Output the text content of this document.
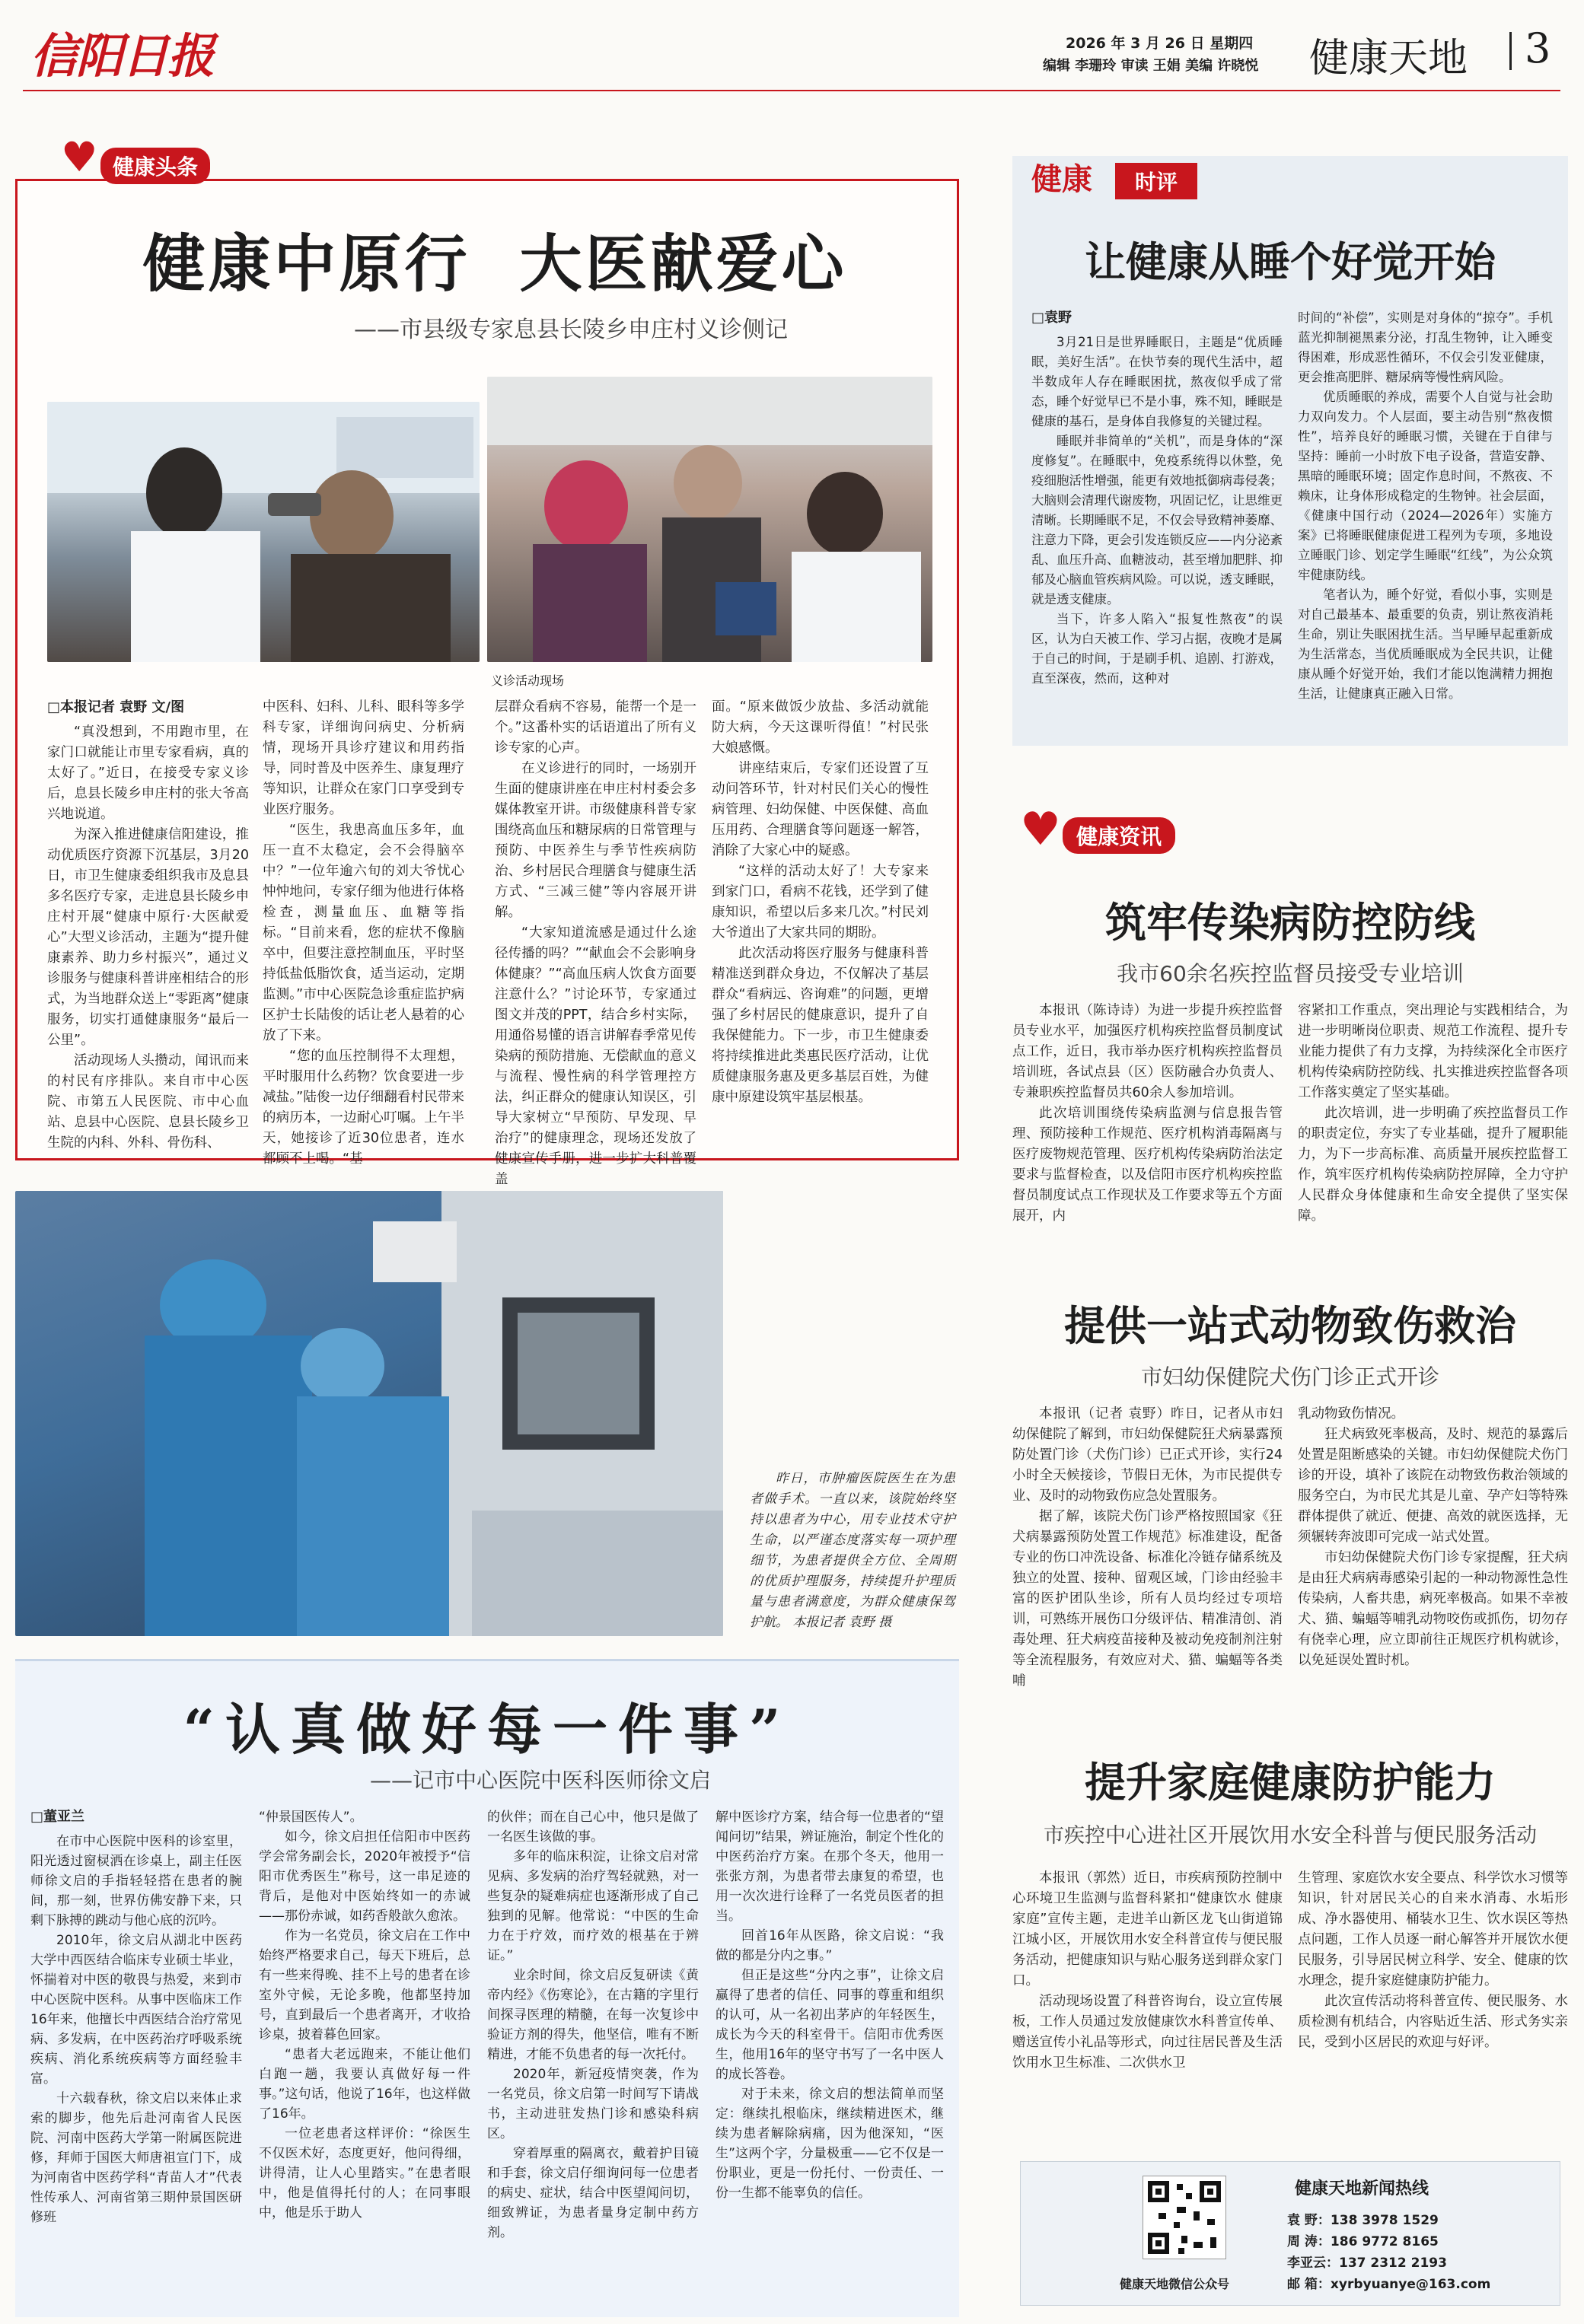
信阳日报	2026 年 3 月 26 日 星期四
编辑 李珊玲 审读 王娟 美编 许晓悦 健康天地 3
♥ 健康头条
健康中原行  大医献爱心
——市县级专家息县长陵乡申庄村义诊侧记
义诊活动现场
□本报记者 袁野 文/图

“真没想到，不用跑市里，在家门口就能让市里专家看病，真的太好了。”近日，在接受专家义诊后，息县长陵乡申庄村的张大爷高兴地说道。

为深入推进健康信阳建设，推动优质医疗资源下沉基层，3月20日，市卫生健康委组织我市及息县多名医疗专家，走进息县长陵乡申庄村开展“健康中原行·大医献爱心”大型义诊活动，主题为“提升健康素养、助力乡村振兴”，通过义诊服务与健康科普讲座相结合的形式，为当地群众送上“零距离”健康服务，切实打通健康服务“最后一公里”。

活动现场人头攒动，闻讯而来的村民有序排队。来自市中心医院、市第五人民医院、市中心血站、息县中心医院、息县长陵乡卫生院的内科、外科、骨伤科、

中医科、妇科、儿科、眼科等多学科专家，详细询问病史、分析病情，现场开具诊疗建议和用药指导，同时普及中医养生、康复理疗等知识，让群众在家门口享受到专业医疗服务。

“医生，我患高血压多年，血压一直不太稳定，会不会得脑卒中？”一位年逾六旬的刘大爷忧心忡忡地问，专家仔细为他进行体格检查，测量血压、血糖等指标。“目前来看，您的症状不像脑卒中，但要注意控制血压，平时坚持低盐低脂饮食，适当运动，定期监测。”市中心医院急诊重症监护病区护士长陆俊的话让老人悬着的心放了下来。

“您的血压控制得不太理想，平时服用什么药物？饮食要进一步减盐。”陆俊一边仔细翻看村民带来的病历本，一边耐心叮嘱。上午半天，她接诊了近30位患者，连水都顾不上喝。“基

层群众看病不容易，能帮一个是一个。”这番朴实的话语道出了所有义诊专家的心声。

在义诊进行的同时，一场别开生面的健康讲座在申庄村村委会多媒体教室开讲。市级健康科普专家围绕高血压和糖尿病的日常管理与预防、中医养生与季节性疾病防治、乡村居民合理膳食与健康生活方式、“三减三健”等内容展开讲解。

“大家知道流感是通过什么途径传播的吗？”“献血会不会影响身体健康？”“高血压病人饮食方面要注意什么？”讨论环节，专家通过图文并茂的PPT，结合乡村实际，用通俗易懂的语言讲解春季常见传染病的预防措施、无偿献血的意义与流程、慢性病的科学管理控方法，纠正群众的健康认知误区，引导大家树立“早预防、早发现、早治疗”的健康理念，现场还发放了健康宣传手册，进一步扩大科普覆盖

面。“原来做饭少放盐、多活动就能防大病，今天这课听得值！”村民张大娘感慨。

讲座结束后，专家们还设置了互动问答环节，针对村民们关心的慢性病管理、妇幼保健、中医保健、高血压用药、合理膳食等问题逐一解答，消除了大家心中的疑惑。

“这样的活动太好了！大专家来到家门口，看病不花钱，还学到了健康知识，希望以后多来几次。”村民刘大爷道出了大家共同的期盼。

此次活动将医疗服务与健康科普精准送到群众身边，不仅解决了基层群众“看病远、咨询难”的问题，更增强了乡村居民的健康意识，提升了自我保健能力。下一步，市卫生健康委将持续推进此类惠民医疗活动，让优质健康服务惠及更多基层百姓，为健康中原建设筑牢基层根基。

健康	时评
让健康从睡个好觉开始
□袁野

3月21日是世界睡眠日，主题是“优质睡眠，美好生活”。在快节奏的现代生活中，超半数成年人存在睡眠困扰，熬夜似乎成了常态，睡个好觉早已不是小事，殊不知，睡眠是健康的基石，是身体自我修复的关键过程。

睡眠并非简单的“关机”，而是身体的“深度修复”。在睡眠中，免疫系统得以休整，免疫细胞活性增强，能更有效地抵御病毒侵袭；大脑则会清理代谢废物，巩固记忆，让思维更清晰。长期睡眠不足，不仅会导致精神萎靡、注意力下降，更会引发连锁反应——内分泌紊乱、血压升高、血糖波动，甚至增加肥胖、抑郁及心脑血管疾病风险。可以说，透支睡眠，就是透支健康。

当下，许多人陷入“报复性熬夜”的误区，认为白天被工作、学习占据，夜晚才是属于自己的时间，于是刷手机、追剧、打游戏，直至深夜，然而，这种对

时间的“补偿”，实则是对身体的“掠夺”。手机蓝光抑制褪黑素分泌，打乱生物钟，让入睡变得困难，形成恶性循环，不仅会引发亚健康，更会推高肥胖、糖尿病等慢性病风险。

优质睡眠的养成，需要个人自觉与社会助力双向发力。个人层面，要主动告别“熬夜惯性”，培养良好的睡眠习惯，关键在于自律与坚持：睡前一小时放下电子设备，营造安静、黑暗的睡眠环境；固定作息时间，不熬夜、不赖床，让身体形成稳定的生物钟。社会层面，《健康中国行动（2024—2026年）实施方案》已将睡眠健康促进工程列为专项，多地设立睡眠门诊、划定学生睡眠“红线”，为公众筑牢健康防线。

笔者认为，睡个好觉，看似小事，实则是对自己最基本、最重要的负责，别让熬夜消耗生命，别让失眠困扰生活。当早睡早起重新成为生活常态，当优质睡眠成为全民共识，让健康从睡个好觉开始，我们才能以饱满精力拥抱生活，让健康真正融入日常。

♥ 健康资讯
筑牢传染病防控防线
我市60余名疾控监督员接受专业培训

本报讯（陈诗诗）为进一步提升疾控监督员专业水平，加强医疗机构疾控监督员制度试点工作，近日，我市举办医疗机构疾控监督员培训班，各试点县（区）医防融合办负责人、专兼职疾控监督员共60余人参加培训。

此次培训围绕传染病监测与信息报告管理、预防接种工作规范、医疗机构消毒隔离与医疗废物规范管理、医疗机构传染病防治法定要求与监督检查，以及信阳市医疗机构疾控监督员制度试点工作现状及工作要求等五个方面展开，内

容紧扣工作重点，突出理论与实践相结合，为进一步明晰岗位职责、规范工作流程、提升专业能力提供了有力支撑，为持续深化全市医疗机构传染病防控防线、扎实推进疾控监督各项工作落实奠定了坚实基础。

此次培训，进一步明确了疾控监督员工作的职责定位，夯实了专业基础，提升了履职能力，为下一步高标准、高质量开展疾控监督工作，筑牢医疗机构传染病防控屏障，全力守护人民群众身体健康和生命安全提供了坚实保障。

昨日，市肿瘤医院医生在为患者做手术。一直以来，该院始终坚持以患者为中心，用专业技术守护生命，以严谨态度落实每一项护理细节，为患者提供全方位、全周期的优质护理服务，持续提升护理质量与患者满意度，为群众健康保驾护航。 本报记者 袁野 摄
提供一站式动物致伤救治
市妇幼保健院犬伤门诊正式开诊

本报讯（记者 袁野）昨日，记者从市妇幼保健院了解到，市妇幼保健院狂犬病暴露预防处置门诊（犬伤门诊）已正式开诊，实行24小时全天候接诊，节假日无休，为市民提供专业、及时的动物致伤应急处置服务。

据了解，该院犬伤门诊严格按照国家《狂犬病暴露预防处置工作规范》标准建设，配备专业的伤口冲洗设备、标准化冷链存储系统及独立的处置、接种、留观区域，门诊由经验丰富的医护团队坐诊，所有人员均经过专项培训，可熟练开展伤口分级评估、精准清创、消毒处理、狂犬病疫苗接种及被动免疫制剂注射等全流程服务，有效应对犬、猫、蝙蝠等各类哺

乳动物致伤情况。

狂犬病致死率极高，及时、规范的暴露后处置是阻断感染的关键。市妇幼保健院犬伤门诊的开设，填补了该院在动物致伤救治领域的服务空白，为市民尤其是儿童、孕产妇等特殊群体提供了就近、便捷、高效的就医选择，无须辗转奔波即可完成一站式处置。

市妇幼保健院犬伤门诊专家提醒，狂犬病是由狂犬病病毒感染引起的一种动物源性急性传染病，人畜共患，病死率极高。如果不幸被犬、猫、蝙蝠等哺乳动物咬伤或抓伤，切勿存有侥幸心理，应立即前往正规医疗机构就诊，以免延误处置时机。

“认真做好每一件事”
——记市中心医院中医科医师徐文启
□董亚兰

在市中心医院中医科的诊室里，阳光透过窗棂洒在诊桌上，副主任医师徐文启的手指轻轻搭在患者的腕间，那一刻，世界仿佛安静下来，只剩下脉搏的跳动与他心底的沉吟。

2010年，徐文启从湖北中医药大学中西医结合临床专业硕士毕业，怀揣着对中医的敬畏与热爱，来到市中心医院中医科。从事中医临床工作16年来，他擅长中西医结合治疗常见病、多发病，在中医药治疗呼吸系统疾病、消化系统疾病等方面经验丰富。

十六载春秋，徐文启以来体止求索的脚步，他先后赴河南省人民医院、河南中医药大学第一附属医院进修，拜师于国医大师唐祖宣门下，成为河南省中医药学科“青苗人才”代表性传承人、河南省第三期仲景国医研修班

“仲景国医传人”。

如今，徐文启担任信阳市中医药学会常务副会长，2020年被授予“信阳市优秀医生”称号，这一串足迹的背后，是他对中医始终如一的赤诚——那份赤诚，如药香般歆久愈浓。

作为一名党员，徐文启在工作中始终严格要求自己，每天下班后，总有一些来得晚、挂不上号的患者在诊室外守候，无论多晚，他都坚持加号，直到最后一个患者离开，才收拾诊桌，披着暮色回家。

“患者大老远跑来，不能让他们白跑一趟，我要认真做好每一件事。”这句话，他说了16年，也这样做了16年。

一位老患者这样评价：“徐医生不仅医术好，态度更好，他问得细，讲得清，让人心里踏实。”在患者眼中，他是值得托付的人；在同事眼中，他是乐于助人

的伙伴；而在自己心中，他只是做了一名医生该做的事。

多年的临床积淀，让徐文启对常见病、多发病的治疗驾轻就熟，对一些复杂的疑难病症也逐渐形成了自己独到的见解。他常说：“中医的生命力在于疗效，而疗效的根基在于辨证。”

业余时间，徐文启反复研读《黄帝内经》《伤寒论》，在古籍的字里行间探寻医理的精髓，在每一次复诊中验证方剂的得失，他坚信，唯有不断精进，才能不负患者的每一次托付。

2020年，新冠疫情突袭，作为一名党员，徐文启第一时间写下请战书，主动进驻发热门诊和感染科病区。

穿着厚重的隔离衣，戴着护目镜和手套，徐文启仔细询问每一位患者的病史、症状，结合中医望闻问切，细致辨证，为患者量身定制中药方剂。

解中医诊疗方案，结合每一位患者的“望闻问切”结果，辨证施治，制定个性化的中医药治疗方案。在那个冬天，他用一张张方剂，为患者带去康复的希望，也用一次次进行诠释了一名党员医者的担当。

回首16年从医路，徐文启说：“我做的都是分内之事。”

但正是这些“分内之事”，让徐文启赢得了患者的信任、同事的尊重和组织的认可，从一名初出茅庐的年轻医生，成长为今天的科室骨干。信阳市优秀医生，他用16年的坚守书写了一名中医人的成长答卷。

对于未来，徐文启的想法简单而坚定：继续扎根临床，继续精进医术，继续为患者解除病痛，因为他深知，“医生”这两个字，分量极重——它不仅是一份职业，更是一份托付、一份责任、一份一生都不能辜负的信任。

提升家庭健康防护能力
市疾控中心进社区开展饮用水安全科普与便民服务活动

本报讯（郭然）近日，市疾病预防控制中心环境卫生监测与监督科紧扣“健康饮水 健康家庭”宣传主题，走进羊山新区龙飞山街道锦江城小区，开展饮用水安全科普宣传与便民服务活动，把健康知识与贴心服务送到群众家门口。

活动现场设置了科普咨询台，设立宣传展板，工作人员通过发放健康饮水科普宣传单、赠送宣传小礼品等形式，向过往居民普及生活饮用水卫生标准、二次供水卫

生管理、家庭饮水安全要点、科学饮水习惯等知识，针对居民关心的自来水消毒、水垢形成、净水器使用、桶装水卫生、饮水误区等热点问题，工作人员逐一耐心解答并开展饮水便民服务，引导居民树立科学、安全、健康的饮水理念，提升家庭健康防护能力。

此次宣传活动将科普宣传、便民服务、水质检测有机结合，内容贴近生活、形式务实亲民，受到小区居民的欢迎与好评。

健康天地微信公众号
健康天地新闻热线
袁 野：138 3978 1529
周 涛：186 9772 8165
李亚云：137 2312 2193
邮 箱：xyrbyuanye@163.com
